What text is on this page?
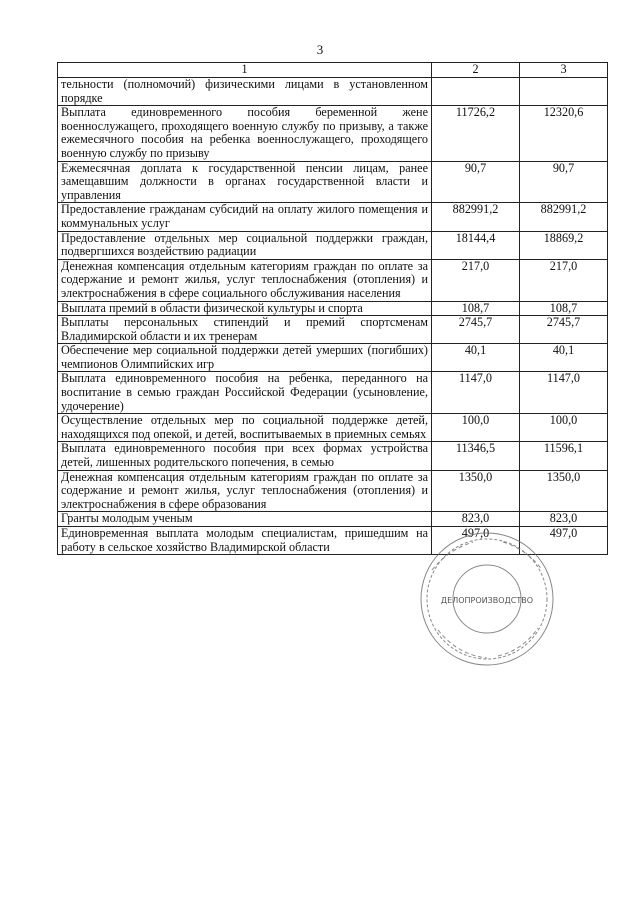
3
1	2	3
тельности (полномочий) физическими лицами в установленном порядке		
Выплата единовременного пособия беременной жене военнослужащего, проходящего военную службу по призыву, а также ежемесячного пособия на ребенка военнослужащего, проходящего военную службу по призыву	11726,2	12320,6
Ежемесячная доплата к государственной пенсии лицам, ранее замещавшим должности в органах государственной власти и управления	90,7	90,7
Предоставление гражданам субсидий на оплату жилого помещения и коммунальных услуг	882991,2	882991,2
Предоставление отдельных мер социальной поддержки граждан, подвергшихся воздействию радиации	18144,4	18869,2
Денежная компенсация отдельным категориям граждан по оплате за содержание и ремонт жилья, услуг теплоснабжения (отопления) и электроснабжения в сфере социального обслуживания населения	217,0	217,0
Выплата премий в области физической культуры и спорта	108,7	108,7
Выплаты персональных стипендий и премий спортсменам Владимирской области и их тренерам	2745,7	2745,7
Обеспечение мер социальной поддержки детей умерших (погибших) чемпионов Олимпийских игр	40,1	40,1
Выплата единовременного пособия на ребенка, переданного на воспитание в семью граждан Российской Федерации (усыновление, удочерение)	1147,0	1147,0
Осуществление отдельных мер по социальной поддержке детей, находящихся под опекой, и детей, воспитываемых в приемных семьях	100,0	100,0
Выплата единовременного пособия при всех формах устройства детей, лишенных родительского попечения, в семью	11346,5	11596,1
Денежная компенсация отдельным категориям граждан по оплате за содержание и ремонт жилья, услуг теплоснабжения (отопления) и электроснабжения в сфере образования	1350,0	1350,0
Гранты молодым ученым	823,0	823,0
Единовременная выплата молодым специалистам, пришедшим на работу в сельское хозяйство Владимирской области	497,0	497,0
ДЕЛОПРОИЗВОДСТВО
